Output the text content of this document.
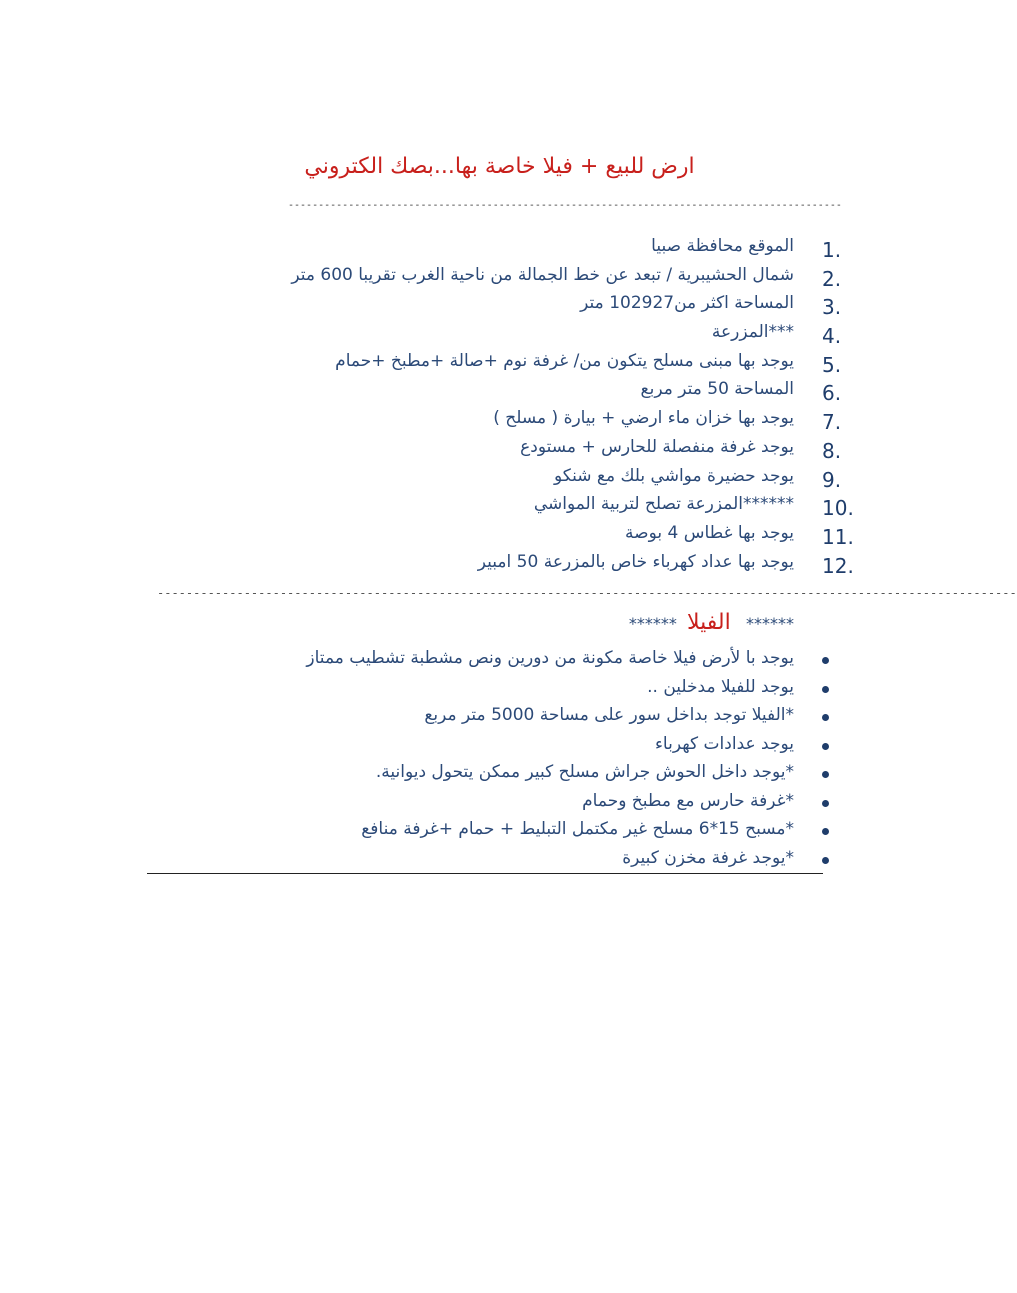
ارض للبيع + فيلا خاصة بها...بصك الكتروني
--------------------------------------------------------------------------------------------
1.
الموقع محافظة صبيا
2.
شمال الحشيبرية / تبعد عن خط الجمالة من ناحية الغرب تقريبا 600 متر
3.
المساحة اكثر من102927 متر
4.
***المزرعة
5.
يوجد بها مبنى مسلح يتكون من/ غرفة نوم +صالة +مطبخ +حمام
6.
المساحة 50 متر مربع
7.
يوجد بها خزان ماء ارضي + بيارة ( مسلح )
8.
يوجد غرفة منفصلة للحارس + مستودع
9.
يوجد حضيرة مواشي بلك مع شنكو
10.
******المزرعة تصلح لتربية المواشي
11.
يوجد بها غطاس 4 بوصة
12.
يوجد بها عداد كهرباء خاص بالمزرعة 50 امبير
-----------------------------------------------------------------------------------------------------------------------
******   الفيلا  ******
يوجد با لأرض فيلا خاصة مكونة من دورين ونص مشطبة تشطيب ممتاز
يوجد للفيلا مدخلين ..
*الفيلا توجد بداخل سور على مساحة 5000 متر مربع
يوجد عدادات كهرباء
*يوجد داخل الحوش جراش مسلح كبير ممكن يتحول ديوانية.
*غرفة حارس مع مطبخ وحمام
*مسبح 15*6 مسلح غير مكتمل التبليط + حمام +غرفة منافع
*يوجد غرفة مخزن كبيرة
